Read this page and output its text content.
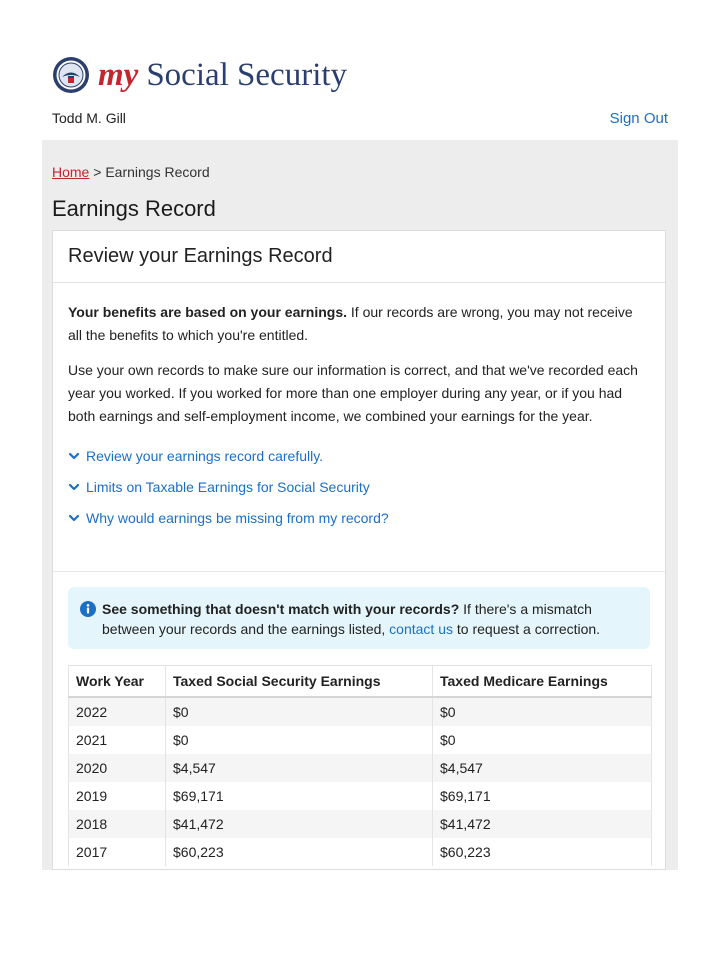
my Social Security
Todd M. Gill	Sign Out
Home > Earnings Record
Earnings Record
Review your Earnings Record

Your benefits are based on your earnings. If our records are wrong, you may not receive all the benefits to which you're entitled.

Use your own records to make sure our information is correct, and that we've recorded each year you worked. If you worked for more than one employer during any year, or if you had both earnings and self-employment income, we combined your earnings for the year.

Review your earnings record carefully.
Limits on Taxable Earnings for Social Security
Why would earnings be missing from my record?
See something that doesn't match with your records? If there's a mismatch between your records and the earnings listed, contact us to request a correction.
Work Year	Taxed Social Security Earnings	Taxed Medicare Earnings
2022	$0	$0
2021	$0	$0
2020	$4,547	$4,547
2019	$69,171	$69,171
2018	$41,472	$41,472
2017	$60,223	$60,223
